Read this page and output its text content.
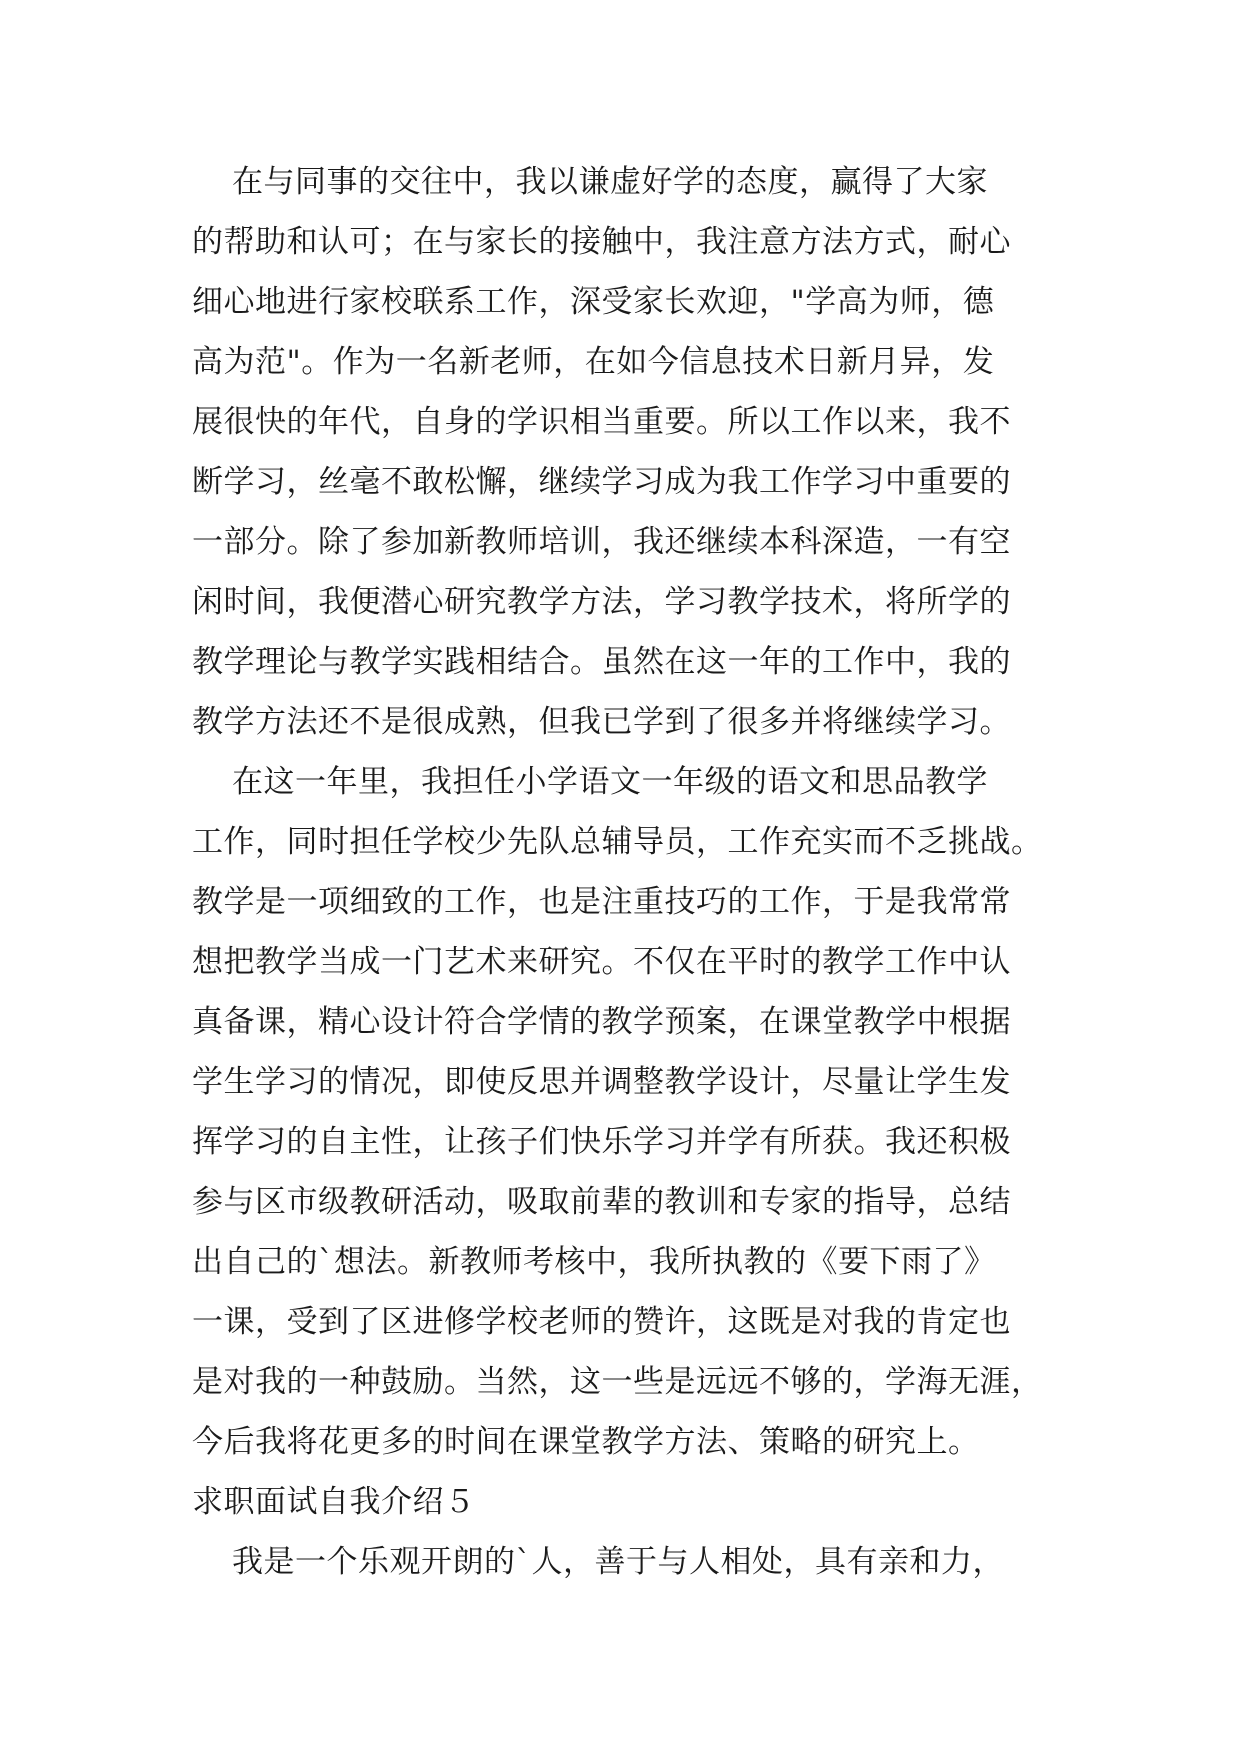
在与同事的交往中，我以谦虚好学的态度，赢得了大家
的帮助和认可；在与家长的接触中，我注意方法方式，耐心
细心地进行家校联系工作，深受家长欢迎，"学高为师，德
高为范"。作为一名新老师，在如今信息技术日新月异，发
展很快的年代，自身的学识相当重要。所以工作以来，我不
断学习，丝毫不敢松懈，继续学习成为我工作学习中重要的
一部分。除了参加新教师培训，我还继续本科深造，一有空
闲时间，我便潜心研究教学方法，学习教学技术，将所学的
教学理论与教学实践相结合。虽然在这一年的工作中，我的
教学方法还不是很成熟，但我已学到了很多并将继续学习。
在这一年里，我担任小学语文一年级的语文和思品教学
工作，同时担任学校少先队总辅导员，工作充实而不乏挑战。
教学是一项细致的工作，也是注重技巧的工作，于是我常常
想把教学当成一门艺术来研究。不仅在平时的教学工作中认
真备课，精心设计符合学情的教学预案，在课堂教学中根据
学生学习的情况，即使反思并调整教学设计，尽量让学生发
挥学习的自主性，让孩子们快乐学习并学有所获。我还积极
参与区市级教研活动，吸取前辈的教训和专家的指导，总结
出自己的`想法。新教师考核中，我所执教的《要下雨了》
一课，受到了区进修学校老师的赞许，这既是对我的肯定也
是对我的一种鼓励。当然，这一些是远远不够的，学海无涯，
今后我将花更多的时间在课堂教学方法、策略的研究上。
求职面试自我介绍５
我是一个乐观开朗的`人，善于与人相处，具有亲和力，
